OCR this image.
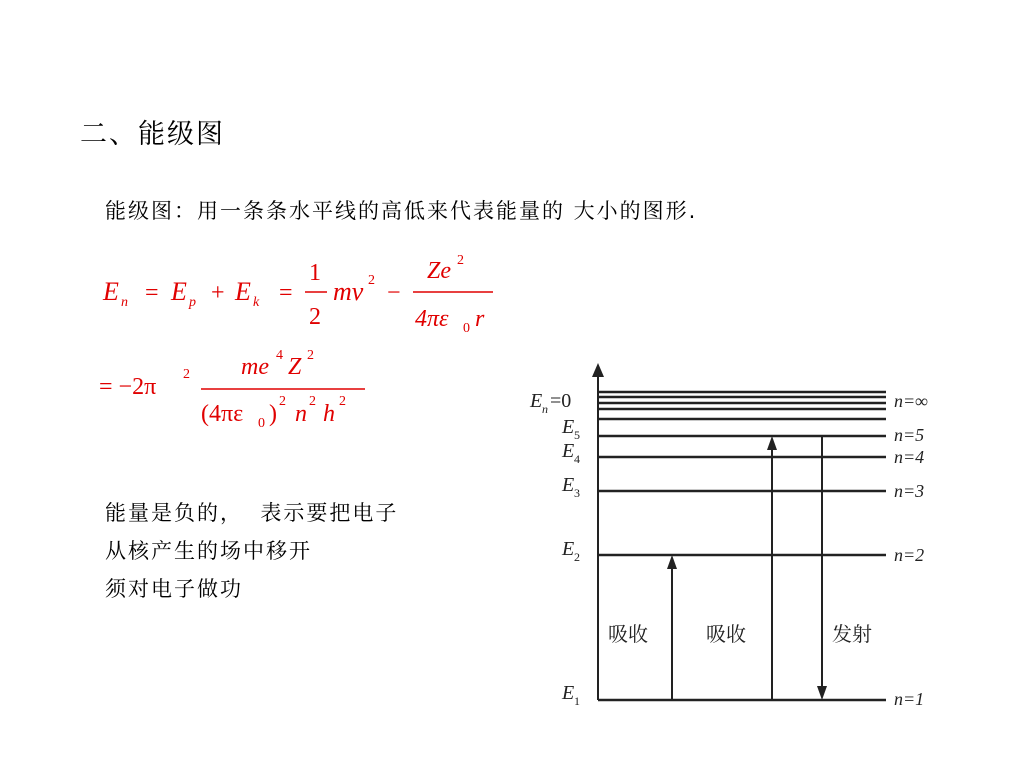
二、能级图
能级图：用一条条水平线的高低来代表能量的 大小的图形.
E n = E p + E k =
1
2
mv 2 −
Ze 2
4πε 0 r
= −2π 2 me 4 Z 2
(4πε 0 ) 2 n 2 h 2
能量是负的，  表示要把电子
从核产生的场中移开
须对电子做功
E n =0
E 5
E 4
E 3
E 2
E 1
n=∞
n=5
n=4
n=3
n=2
n=1
吸收	吸收	发射
